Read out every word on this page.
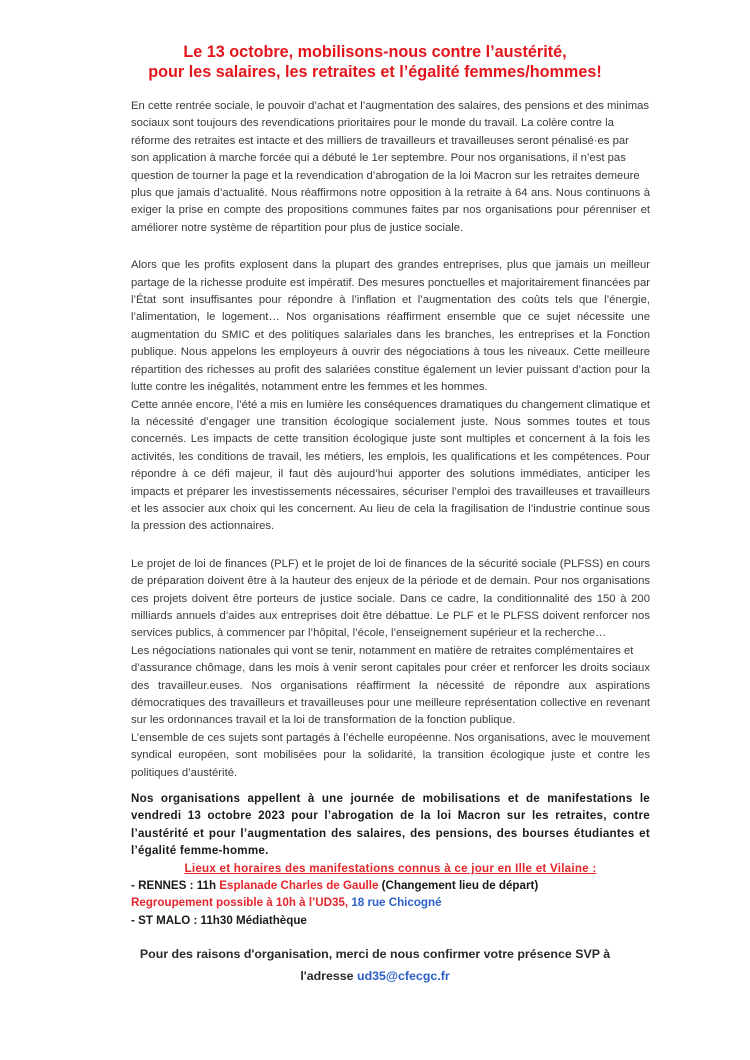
Le 13 octobre, mobilisons-nous contre l’austérité,
pour les salaires, les retraites et l’égalité femmes/hommes!

En cette rentrée sociale, le pouvoir d’achat et l’augmentation des salaires, des pensions et des minimas sociaux sont toujours des revendications prioritaires pour le monde du travail. La colère contre la réforme des retraites est intacte et des milliers de travailleurs et travailleuses seront pénalisé·es par son application à marche forcée qui a débuté le 1er septembre. Pour nos organisations, il n’est pas question de tourner la page et la revendication d’abrogation de la loi Macron sur les retraites demeure
plus que jamais d’actualité. Nous réaffirmons notre opposition à la retraite à 64 ans. Nous continuons à exiger la prise en compte des propositions communes faites par nos organisations pour pérenniser et améliorer notre système de répartition pour plus de justice sociale.

Alors que les profits explosent dans la plupart des grandes entreprises, plus que jamais un meilleur partage de la richesse produite est impératif. Des mesures ponctuelles et majoritairement financées par l’État sont insuffisantes pour répondre à l’inflation et l’augmentation des coûts tels que l’énergie, l’alimentation, le logement… Nos organisations réaffirment ensemble que ce sujet nécessite une augmentation du SMIC et des politiques salariales dans les branches, les entreprises et la Fonction publique. Nous appelons les employeurs à ouvrir des négociations à tous les niveaux. Cette meilleure répartition des richesses au profit des salariées constitue également un levier puissant d’action pour la lutte contre les inégalités, notamment entre les femmes et les hommes.

Cette année encore, l’été a mis en lumière les conséquences dramatiques du changement climatique et la nécessité d’engager une transition écologique socialement juste. Nous sommes toutes et tous concernés. Les impacts de cette transition écologique juste sont multiples et concernent à la fois les activités, les conditions de travail, les métiers, les emplois, les qualifications et les compétences. Pour répondre à ce défi majeur, il faut dès aujourd’hui apporter des solutions immédiates, anticiper les impacts et préparer les investissements nécessaires, sécuriser l’emploi des travailleuses et travailleurs et les associer aux choix qui les concernent. Au lieu de cela la fragilisation de l’industrie continue sous la pression des actionnaires.

Le projet de loi de finances (PLF) et le projet de loi de finances de la sécurité sociale (PLFSS) en cours de préparation doivent être à la hauteur des enjeux de la période et de demain. Pour nos organisations ces projets doivent être porteurs de justice sociale. Dans ce cadre, la conditionnalité des 150 à 200 milliards annuels d’aides aux entreprises doit être débattue. Le PLF et le PLFSS doivent renforcer nos services publics, à commencer par l’hôpital, l’école, l’enseignement supérieur et la recherche…

Les négociations nationales qui vont se tenir, notamment en matière de retraites complémentaires et
d’assurance chômage, dans les mois à venir seront capitales pour créer et renforcer les droits sociaux des travailleur.euses. Nos organisations réaffirment la nécessité de répondre aux aspirations démocratiques des travailleurs et travailleuses pour une meilleure représentation collective en revenant sur les ordonnances travail et la loi de transformation de la fonction publique.

L’ensemble de ces sujets sont partagés à l’échelle européenne. Nos organisations, avec le mouvement syndical européen, sont mobilisées pour la solidarité, la transition écologique juste et contre les politiques d’austérité.

Nos organisations appellent à une journée de mobilisations et de manifestations le vendredi 13 octobre 2023 pour l’abrogation de la loi Macron sur les retraites, contre l’austérité et pour l’augmentation des salaires, des pensions, des bourses étudiantes et l’égalité femme-homme.

Lieux et horaires des manifestations connus à ce jour en Ille et Vilaine :

- RENNES : 11h Esplanade Charles de Gaulle (Changement lieu de départ)

Regroupement possible à 10h à l’UD35, 18 rue Chicogné

- ST MALO : 11h30 Médiathèque

Pour des raisons d'organisation, merci de nous confirmer votre présence SVP à
l'adresse ud35@cfecgc.fr
